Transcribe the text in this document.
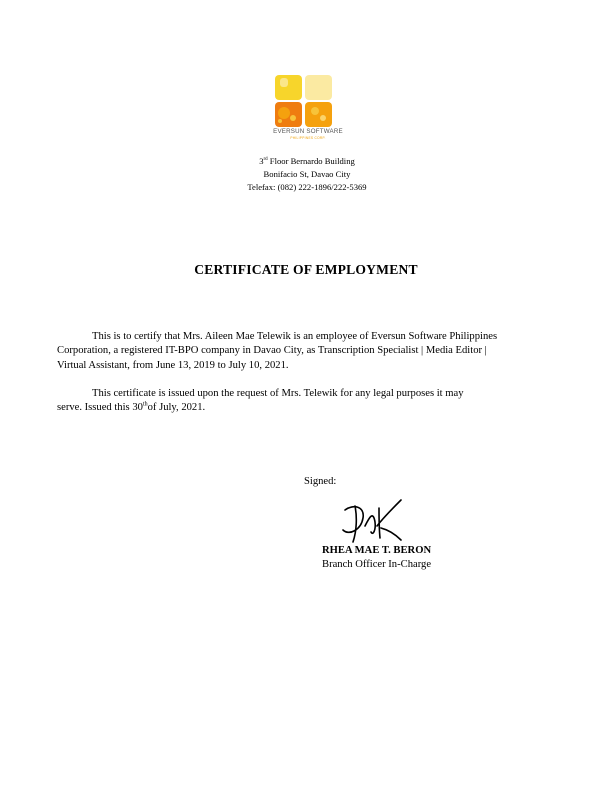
EVERSUN SOFTWARE
PHILIPPINES CORP.
3rd Floor Bernardo Building
Bonifacio St, Davao City
Telefax: (082) 222-1896/222-5369
CERTIFICATE OF EMPLOYMENT
This is to certify that Mrs. Aileen Mae Telewik is an employee of Eversun Software Philippines
Corporation, a registered IT-BPO company in Davao City, as Transcription Specialist | Media Editor |
Virtual Assistant, from June 13, 2019 to July 10, 2021.
This certificate is issued upon the request of Mrs. Telewik for any legal purposes it may
serve. Issued this 30thof July, 2021.
Signed:
RHEA MAE T. BERON
Branch Officer In-Charge
